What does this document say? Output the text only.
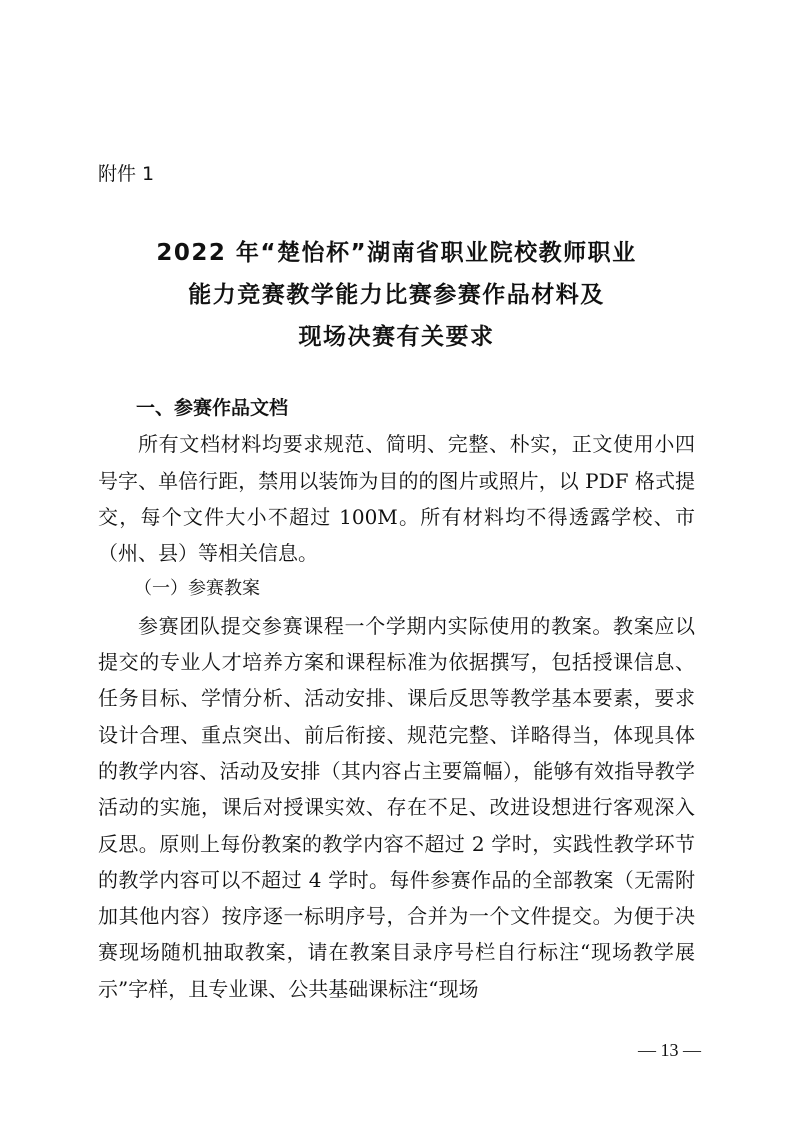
附件 1
2022 年“楚怡杯”湖南省职业院校教师职业
能力竞赛教学能力比赛参赛作品材料及
现场决赛有关要求

一、参赛作品文档

所有文档材料均要求规范、简明、完整、朴实，正文使用小四号字、单倍行距，禁用以装饰为目的的图片或照片，以 PDF 格式提交，每个文件大小不超过 100M。所有材料均不得透露学校、市（州、县）等相关信息。

（一）参赛教案

参赛团队提交参赛课程一个学期内实际使用的教案。教案应以提交的专业人才培养方案和课程标准为依据撰写，包括授课信息、任务目标、学情分析、活动安排、课后反思等教学基本要素，要求设计合理、重点突出、前后衔接、规范完整、详略得当，体现具体的教学内容、活动及安排（其内容占主要篇幅），能够有效指导教学活动的实施，课后对授课实效、存在不足、改进设想进行客观深入反思。原则上每份教案的教学内容不超过 2 学时，实践性教学环节的教学内容可以不超过 4 学时。每件参赛作品的全部教案（无需附加其他内容）按序逐一标明序号，合并为一个文件提交。为便于决赛现场随机抽取教案，请在教案目录序号栏自行标注“现场教学展示”字样，且专业课、公共基础课标注“现场

— 13 —
